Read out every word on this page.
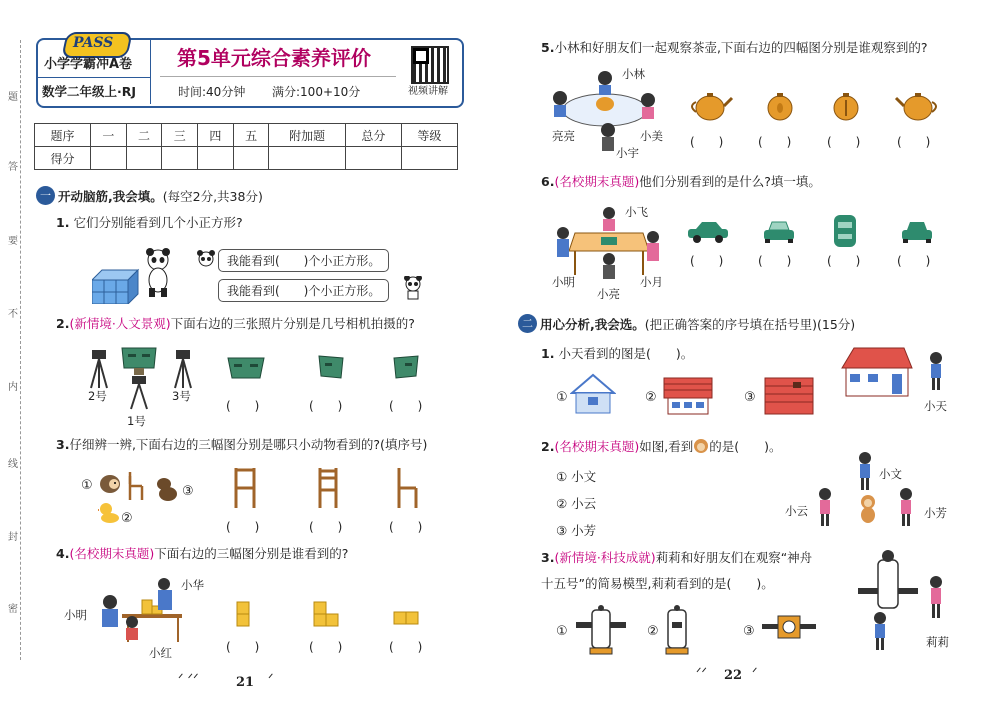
题
答
要
不
内
线
封
密
PASS
小学学霸冲A卷
数学二年级上·RJ
第5单元综合素养评价
时间:40分钟 满分:100+10分	视频讲解
题序	一	二	三	四	五	附加题	总分	等级
得分								
一 开动脑筋,我会填。(每空2分,共38分)
1. 它们分别能看到几个小正方形?
我能看到(　　)个小正方形。
我能看到(　　)个小正方形。
2.(新情境·人文景观)下面右边的三张照片分别是几号相机拍摄的?
2号
1号
3号
(　　)	(　　)	(　　)
3.仔细辨一辨,下面右边的三幅图分别是哪只小动物看到的?(填序号)
①	③
②
(　　)	(　　)	(　　)
4.(名校期末真题)下面右边的三幅图分别是谁看到的?
小明
小华
小红	(　　)	(　　)	(　　)
21
ᐟ ᐟᐟ	ᐟ
5.小林和好朋友们一起观察茶壶,下面右边的四幅图分别是谁观察到的?
小林
亮亮	小美
小宇
(　　)	(　　)	(　　)	(　　)
6.(名校期末真题)他们分别看到的是什么?填一填。
小飞
小明
小亮
小月
(　　)	(　　)	(　　)	(　　)
二 用心分析,我会选。(把正确答案的序号填在括号里)(15分)
1. 小天看到的图是(　　)。
①	②	③
小天
2.(名校期末真题)如图,看到 的是(　　)。
① 小文
② 小云
③ 小芳
小文
小云	小芳
3.(新情境·科技成就)莉莉和好朋友们在观察“神舟
十五号”的简易模型,莉莉看到的是(　　)。
①	②	③
莉莉
22
ᐟᐟ	ᐟ
